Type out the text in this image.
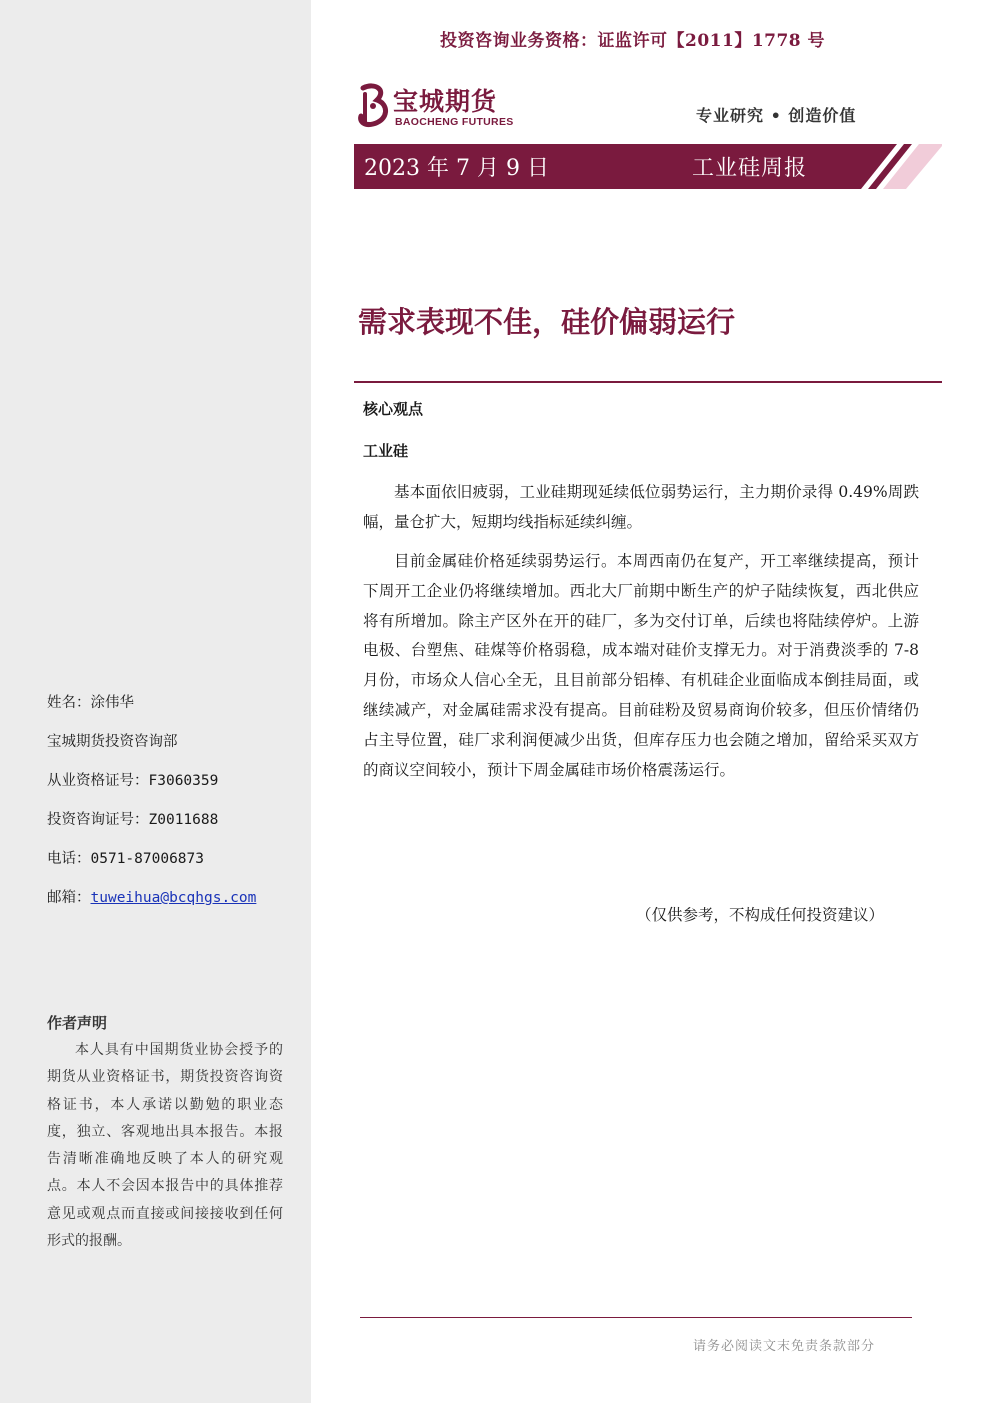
投资咨询业务资格：证监许可【2011】1778 号
宝城期货
BAOCHENG FUTURES	专业研究 • 创造价值
2023 年 7 月 9 日	工业硅周报
需求表现不佳，硅价偏弱运行
核心观点
工业硅

基本面依旧疲弱，工业硅期现延续低位弱势运行，主力期价录得 0.49%周跌幅，量仓扩大，短期均线指标延续纠缠。

目前金属硅价格延续弱势运行。本周西南仍在复产，开工率继续提高，预计下周开工企业仍将继续增加。西北大厂前期中断生产的炉子陆续恢复，西北供应将有所增加。除主产区外在开的硅厂，多为交付订单，后续也将陆续停炉。上游电极、台塑焦、硅煤等价格弱稳，成本端对硅价支撑无力。对于消费淡季的 7-8 月份，市场众人信心全无，且目前部分铝棒、有机硅企业面临成本倒挂局面，或继续减产，对金属硅需求没有提高。目前硅粉及贸易商询价较多，但压价情绪仍占主导位置，硅厂求利润便减少出货，但库存压力也会随之增加，留给采买双方的商议空间较小，预计下周金属硅市场价格震荡运行。

（仅供参考，不构成任何投资建议）
姓名：涂伟华
宝城期货投资咨询部
从业资格证号：F3060359
投资咨询证号：Z0011688
电话：0571-87006873
邮箱：tuweihua@bcqhgs.com
作者声明

本人具有中国期货业协会授予的期货从业资格证书，期货投资咨询资格证书，本人承诺以勤勉的职业态度，独立、客观地出具本报告。本报告清晰准确地反映了本人的研究观点。本人不会因本报告中的具体推荐意见或观点而直接或间接接收到任何形式的报酬。

请务必阅读文末免责条款部分
